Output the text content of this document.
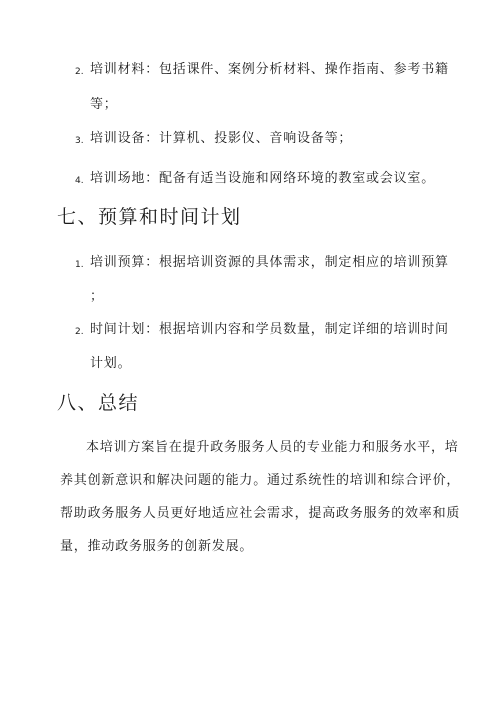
2. 培训材料：包括课件、案例分析材料、操作指南、参考书籍
等；
3. 培训设备：计算机、投影仪、音响设备等；
4. 培训场地：配备有适当设施和网络环境的教室或会议室。
七、预算和时间计划
1. 培训预算：根据培训资源的具体需求，制定相应的培训预算
；
2. 时间计划：根据培训内容和学员数量，制定详细的培训时间
计划。
八、总结
本培训方案旨在提升政务服务人员的专业能力和服务水平，培
养其创新意识和解决问题的能力。通过系统性的培训和综合评价，
帮助政务服务人员更好地适应社会需求，提高政务服务的效率和质
量，推动政务服务的创新发展。
